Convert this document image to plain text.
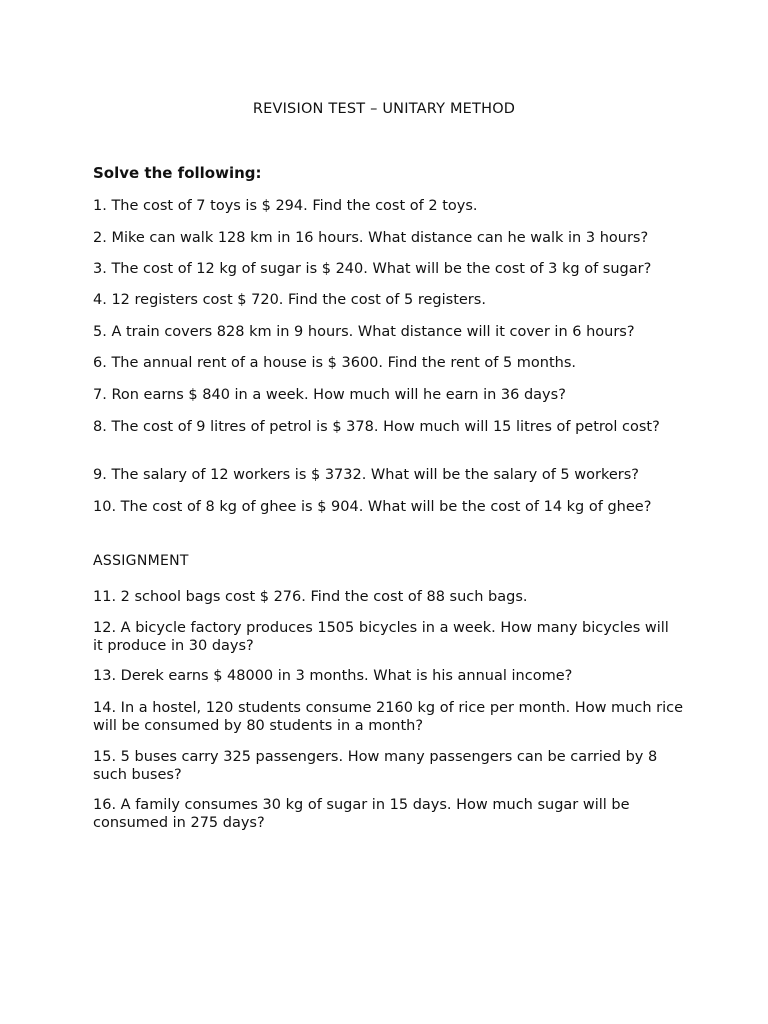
REVISION TEST – UNITARY METHOD
Solve the following:
1. The cost of 7 toys is $ 294. Find the cost of 2 toys.
2. Mike can walk 128 km in 16 hours. What distance can he walk in 3 hours?
3. The cost of 12 kg of sugar is $ 240. What will be the cost of 3 kg of sugar?
4. 12 registers cost $ 720. Find the cost of 5 registers.
5. A train covers 828 km in 9 hours. What distance will it cover in 6 hours?
6. The annual rent of a house is $ 3600. Find the rent of 5 months.
7. Ron earns $ 840 in a week. How much will he earn in 36 days?
8. The cost of 9 litres of petrol is $ 378. How much will 15 litres of petrol cost?
9. The salary of 12 workers is $ 3732. What will be the salary of 5 workers?
10. The cost of 8 kg of ghee is $ 904. What will be the cost of 14 kg of ghee?
ASSIGNMENT
11. 2 school bags cost $ 276. Find the cost of 88 such bags.
12. A bicycle factory produces 1505 bicycles in a week. How many bicycles will it produce in 30 days?
13. Derek earns $ 48000 in 3 months. What is his annual income?
14. In a hostel, 120 students consume 2160 kg of rice per month. How much rice will be consumed by 80 students in a month?
15. 5 buses carry 325 passengers. How many passengers can be carried by 8 such buses?
16. A family consumes 30 kg of sugar in 15 days. How much sugar will be consumed in 275 days?
